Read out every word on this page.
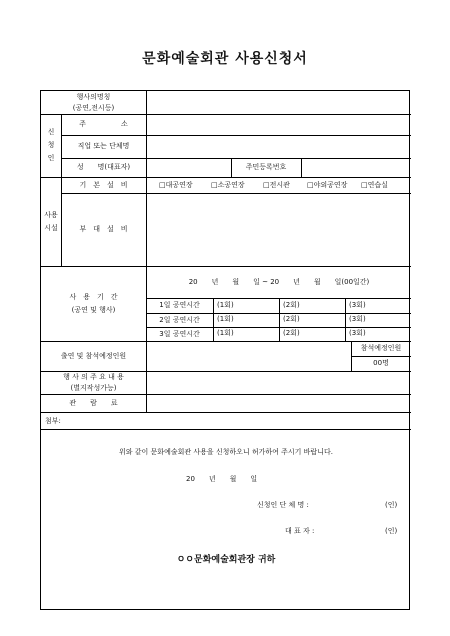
문화예술회관 사용신청서
행사의명칭
(공연,전시등)
신
청
인
주　　　　　소
직업 또는 단체명
성　　명(대표자)	주민등록번호
사용
시설
기　본　설　비	□대공연장	□소공연장	□전시관 □야외공연장 □연습실
부　대　설　비
사　용　기　간
(공연 및 행사)
20　　년　　월　　일 ~ 20　　년　　월　　일(00일간)
1일 공연시간	(1회)	(2회)	(3회)
2일 공연시간	(1회)	(2회)	(3회)
3일 공연시간	(1회)	(2회)	(3회)
출연 및 참석예정인원
참석예정인원
00명
행 사 의 주 요 내 용
(별지작성가능)
관　　람　　료
첨부:
위와 같이 문화예술회관 사용을 신청하오니 허가하여 주시기 바랍니다.
20　　년　　월　　일
신청인 단 체 명 :	(인)
대 표 자 :	(인)
ㅇㅇ문화예술회관장 귀하
